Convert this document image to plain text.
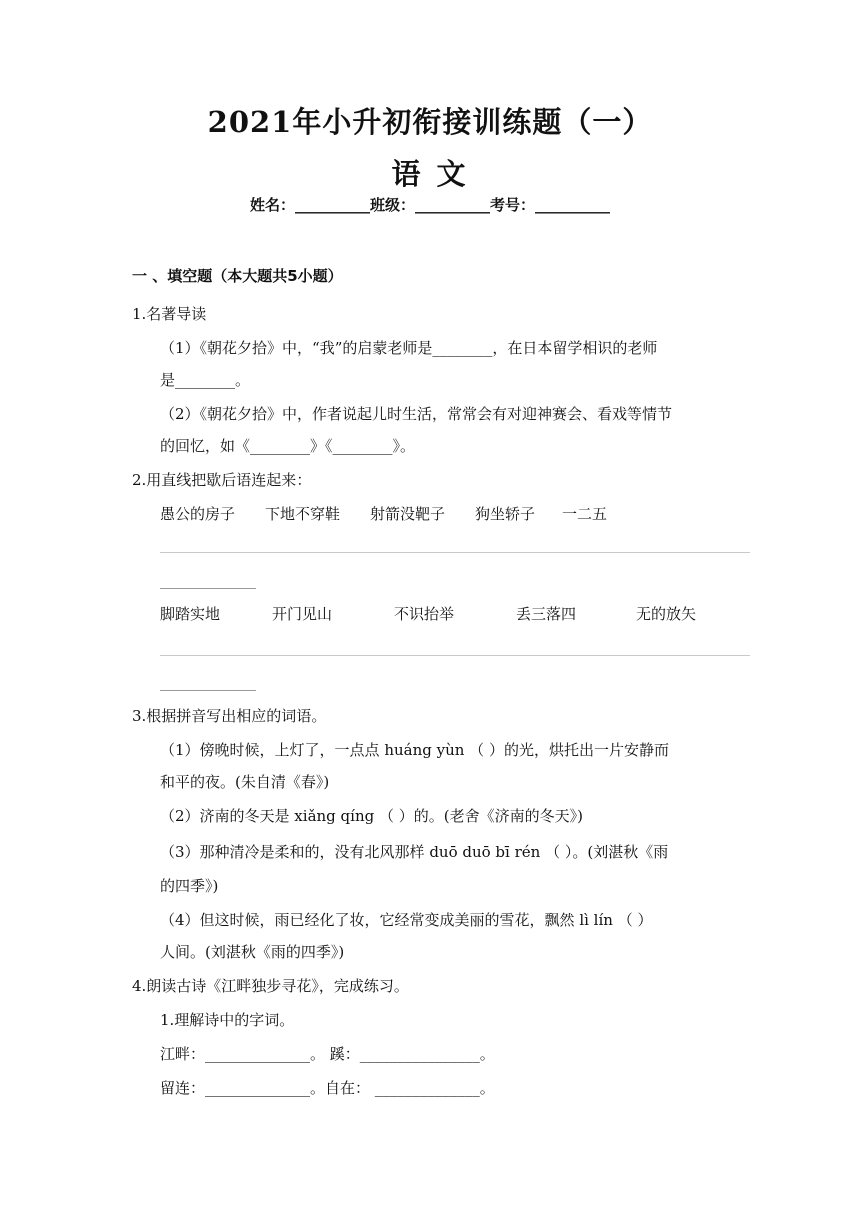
2021年小升初衔接训练题（一）
语 文
姓名：__________班级：__________考号：__________
一 、填空题（本大题共5小题）
1.名著导读
（1）《朝花夕拾》中，“我”的启蒙老师是________，在日本留学相识的老师
是________。
（2）《朝花夕拾》中，作者说起儿时生活，常常会有对迎神赛会、看戏等情节
的回忆，如《________》《________》。
2.用直线把歇后语连起来：
愚公的房子 下地不穿鞋 射箭没靶子 狗坐轿子 一二五
脚踏实地	开门见山	不识抬举	丢三落四	无的放矢
3.根据拼音写出相应的词语。
（1）傍晚时候，上灯了，一点点 huáng yùn （ ）的光，烘托出一片安静而
和平的夜。(朱自清《春》)
（2）济南的冬天是 xiǎng qíng （ ）的。(老舍《济南的冬天》)
（3）那种清冷是柔和的，没有北风那样 duō duō bī rén （ ）。(刘湛秋《雨
的四季》)
（4）但这时候，雨已经化了妆，它经常变成美丽的雪花，飘然 lì lín （ ）
人间。(刘湛秋《雨的四季》)
4.朗读古诗《江畔独步寻花》，完成练习。
1.理解诗中的字词。
江畔：______________。 蹊：________________。
留连：______________。自在： ______________。
